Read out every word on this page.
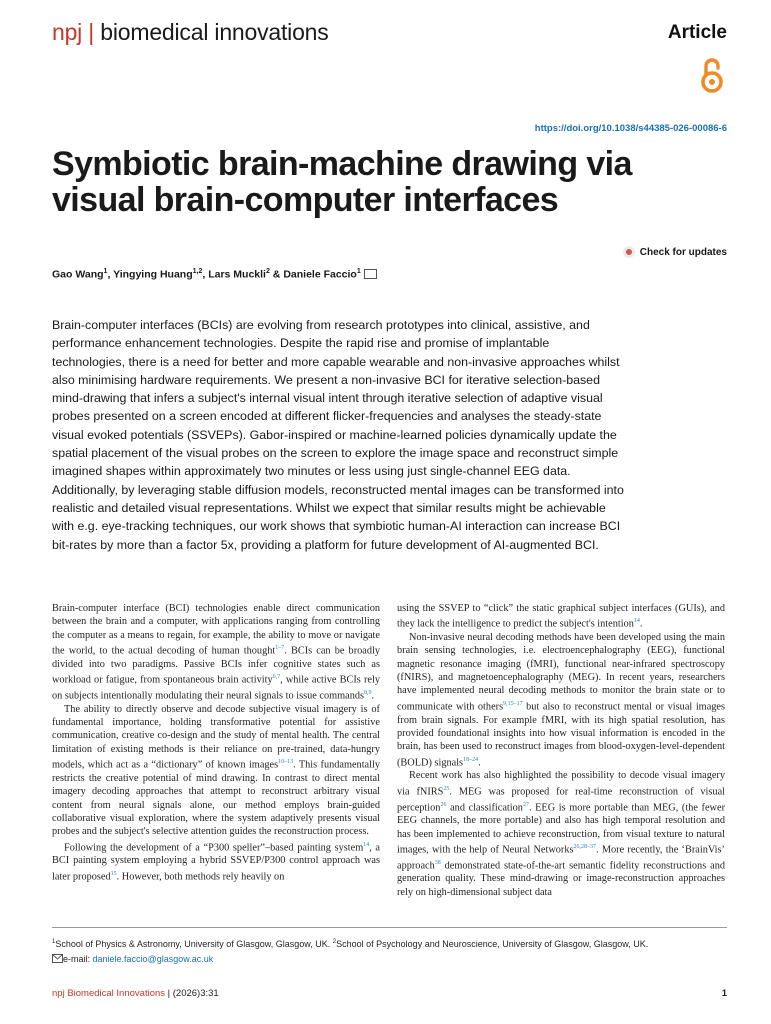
npj | biomedical innovations	Article
https://doi.org/10.1038/s44385-026-00086-6
Symbiotic brain-machine drawing via visual brain-computer interfaces
Check for updates
Gao Wang$^1$, Yingying Huang$^{1,2}$, Lars Muckli$^2$ & Daniele Faccio$^1$

Brain-computer interfaces (BCIs) are evolving from research prototypes into clinical, assistive, and performance enhancement technologies. Despite the rapid rise and promise of implantable technologies, there is a need for better and more capable wearable and non-invasive approaches whilst also minimising hardware requirements. We present a non-invasive BCI for iterative selection-based mind-drawing that infers a subject's internal visual intent through iterative selection of adaptive visual probes presented on a screen encoded at different flicker-frequencies and analyses the steady-state visual evoked potentials (SSVEPs). Gabor-inspired or machine-learned policies dynamically update the spatial placement of the visual probes on the screen to explore the image space and reconstruct simple imagined shapes within approximately two minutes or less using just single-channel EEG data. Additionally, by leveraging stable diffusion models, reconstructed mental images can be transformed into realistic and detailed visual representations. Whilst we expect that similar results might be achievable with e.g. eye-tracking techniques, our work shows that symbiotic human-AI interaction can increase BCI bit-rates by more than a factor 5x, providing a platform for future development of AI-augmented BCI.

Brain-computer interface (BCI) technologies enable direct communication between the brain and a computer, with applications ranging from controlling the computer as a means to regain, for example, the ability to move or navigate the world, to the actual decoding of human thought$^{1-7}$. BCIs can be broadly divided into two paradigms. Passive BCIs infer cognitive states such as workload or fatigue, from spontaneous brain activity$^{6,7}$, while active BCIs rely on subjects intentionally modulating their neural signals to issue commands$^{8,9}$.

The ability to directly observe and decode subjective visual imagery is of fundamental importance, holding transformative potential for assistive communication, creative co-design and the study of mental health. The central limitation of existing methods is their reliance on pre-trained, data-hungry models, which act as a “dictionary” of known images$^{10-13}$. This fundamentally restricts the creative potential of mind drawing. In contrast to direct mental imagery decoding approaches that attempt to reconstruct arbitrary visual content from neural signals alone, our method employs brain-guided collaborative visual exploration, where the system adaptively presents visual probes and the subject's selective attention guides the reconstruction process.

Following the development of a “P300 speller”–based painting system$^{14}$, a BCI painting system employing a hybrid SSVEP/P300 control approach was later proposed$^{15}$. However, both methods rely heavily on

using the SSVEP to “click” the static graphical subject interfaces (GUIs), and they lack the intelligence to predict the subject's intention$^{14}$.

Non-invasive neural decoding methods have been developed using the main brain sensing technologies, i.e. electroencephalography (EEG), functional magnetic resonance imaging (fMRI), functional near-infrared spectroscopy (fNIRS), and magnetoencephalography (MEG). In recent years, researchers have implemented neural decoding methods to monitor the brain state or to communicate with others$^{9,15-17}$ but also to reconstruct mental or visual images from brain signals. For example fMRI, with its high spatial resolution, has provided foundational insights into how visual information is encoded in the brain, has been used to reconstruct images from blood-oxygen-level-dependent (BOLD) signals$^{18-24}$.

Recent work has also highlighted the possibility to decode visual imagery via fNIRS$^{25}$. MEG was proposed for real-time reconstruction of visual perception$^{26}$ and classification$^{27}$. EEG is more portable than MEG, (the fewer EEG channels, the more portable) and also has high temporal resolution and has been implemented to achieve reconstruction, from visual texture to natural images, with the help of Neural Networks$^{26,28-37}$. More recently, the ‘BrainVis’ approach$^{38}$ demonstrated state-of-the-art semantic fidelity reconstructions and generation quality. These mind-drawing or image-reconstruction approaches rely on high-dimensional subject data

$^1$School of Physics & Astronomy, University of Glasgow, Glasgow, UK. $^2$School of Psychology and Neuroscience, University of Glasgow, Glasgow, UK.
e-mail: daniele.faccio@glasgow.ac.uk
npj Biomedical Innovations | (2026)3:31	1
